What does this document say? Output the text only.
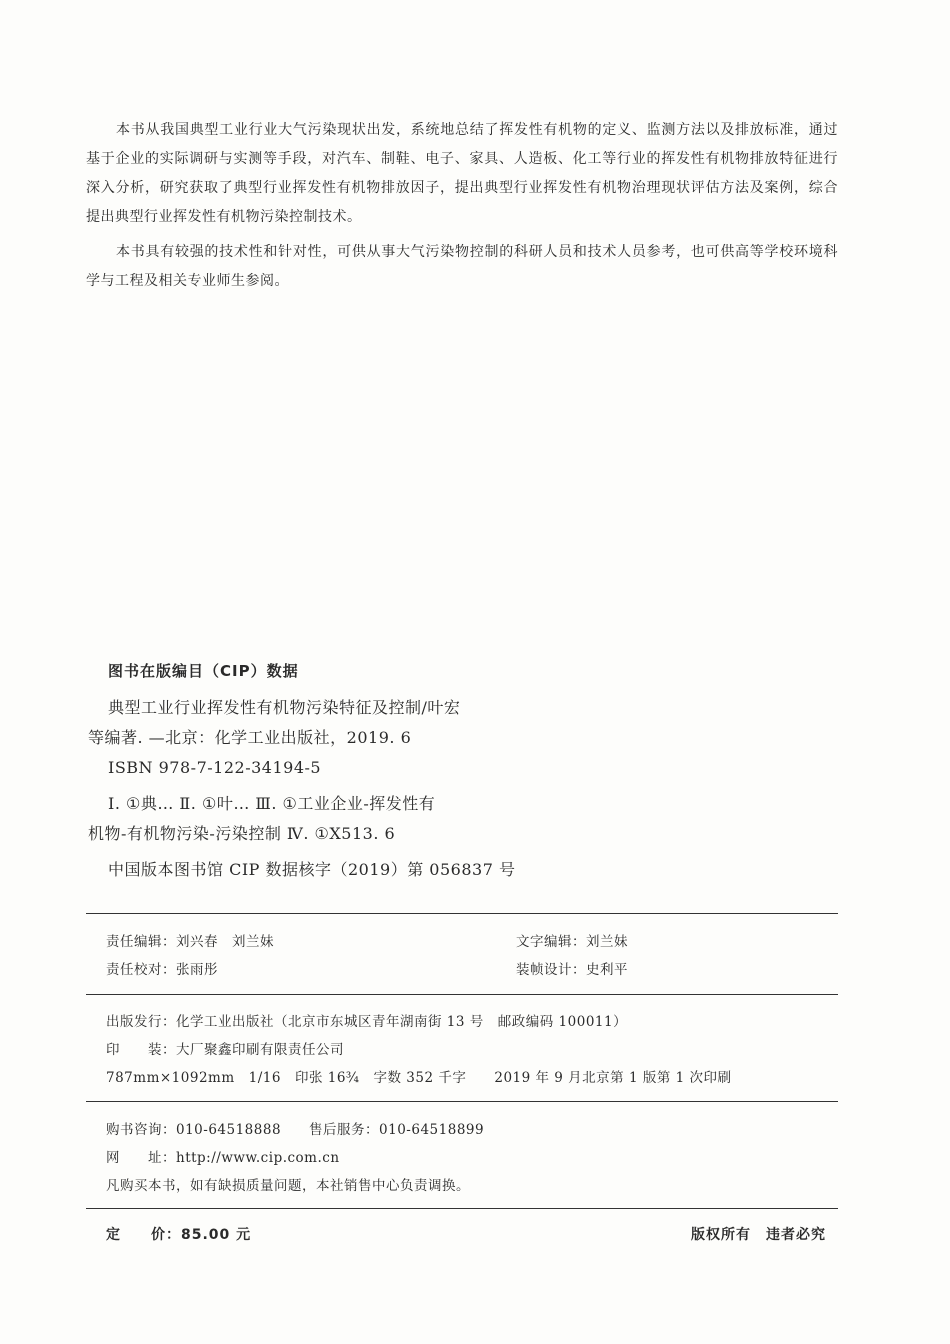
本书从我国典型工业行业大气污染现状出发，系统地总结了挥发性有机物的定义、监测方法以及排放标准，通过基于企业的实际调研与实测等手段，对汽车、制鞋、电子、家具、人造板、化工等行业的挥发性有机物排放特征进行深入分析，研究获取了典型行业挥发性有机物排放因子，提出典型行业挥发性有机物治理现状评估方法及案例，综合提出典型行业挥发性有机物污染控制技术。

本书具有较强的技术性和针对性，可供从事大气污染物控制的科研人员和技术人员参考，也可供高等学校环境科学与工程及相关专业师生参阅。

图书在版编目（CIP）数据
典型工业行业挥发性有机物污染特征及控制/叶宏
等编著. —北京：化学工业出版社，2019. 6
ISBN 978-7-122-34194-5
Ⅰ. ①典… Ⅱ. ①叶… Ⅲ. ①工业企业-挥发性有
机物-有机物污染-污染控制 Ⅳ. ①X513. 6
中国版本图书馆 CIP 数据核字（2019）第 056837 号
责任编辑：刘兴春　刘兰妹	文字编辑：刘兰妹
责任校对：张雨彤	装帧设计：史利平
出版发行：化学工业出版社（北京市东城区青年湖南街 13 号　邮政编码 100011）
印　　装：大厂聚鑫印刷有限责任公司
787mm×1092mm　1/16　印张 16¾　字数 352 千字　　2019 年 9 月北京第 1 版第 1 次印刷
购书咨询：010-64518888　　售后服务：010-64518899
网　　址：http://www.cip.com.cn
凡购买本书，如有缺损质量问题，本社销售中心负责调换。
定　　价：85.00 元	版权所有　违者必究
